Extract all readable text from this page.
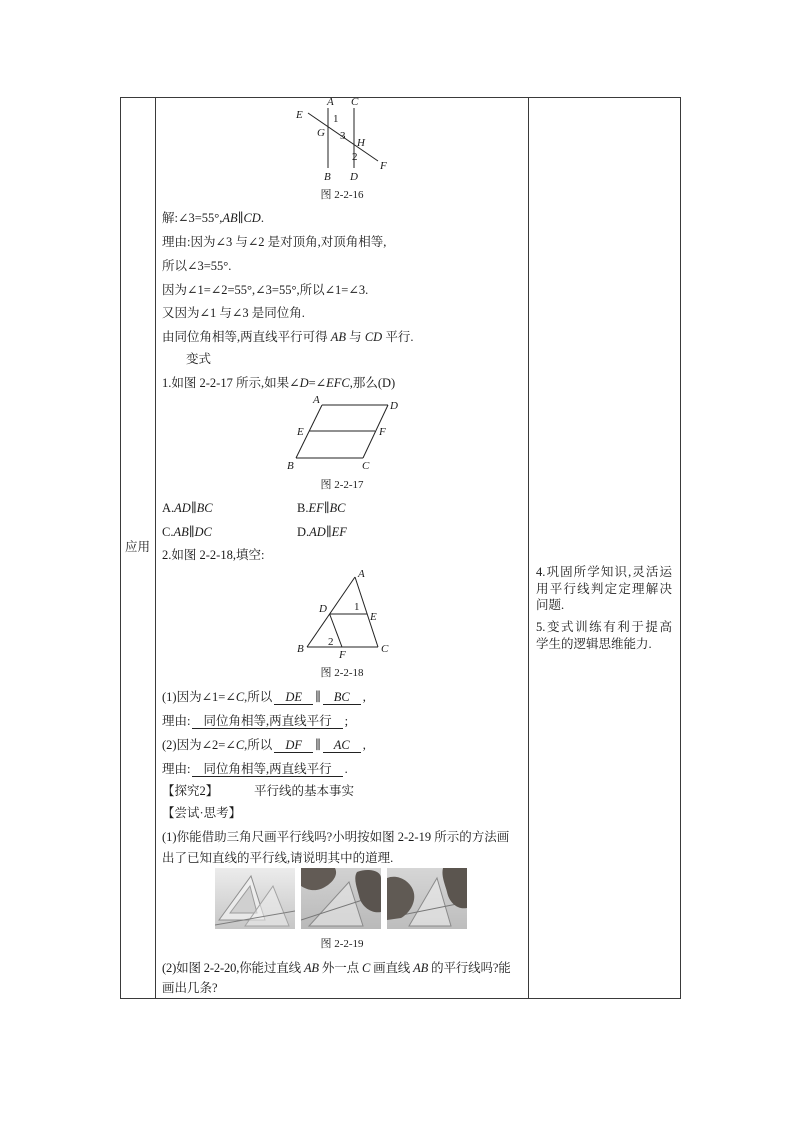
应用
A C
E	1
G 3
H
2
F
B D
图 2-2-16
解:∠3=55°,AB∥CD.
理由:因为∠3 与∠2 是对顶角,对顶角相等,
所以∠3=55°.
因为∠1=∠2=55°,∠3=55°,所以∠1=∠3.
又因为∠1 与∠3 是同位角.
由同位角相等,两直线平行可得 AB 与 CD 平行.
变式
1.如图 2-2-17 所示,如果∠D=∠EFC,那么(D)
A	D
E	F
B	C
图 2-2-17
A.AD∥BC	B.EF∥BC
C.AB∥DC	D.AD∥EF
2.如图 2-2-18,填空:
A
D 1
E
2
B	F	C
图 2-2-18
(1)因为∠1=∠C,所以 DE ∥ BC ,
理由: 同位角相等,两直线平行 ;
(2)因为∠2=∠C,所以 DF ∥ AC ,
理由: 同位角相等,两直线平行 .
【探究2】	平行线的基本事实
【尝试·思考】
(1)你能借助三角尺画平行线吗?小明按如图 2-2-19 所示的方法画
出了已知直线的平行线,请说明其中的道理.
图 2-2-19
(2)如图 2-2-20,你能过直线 AB 外一点 C 画直线 AB 的平行线吗?能
画出几条?
4.巩固所学知识,灵活运
用平行线判定定理解决
问题.
5.变式训练有利于提高
学生的逻辑思维能力.
